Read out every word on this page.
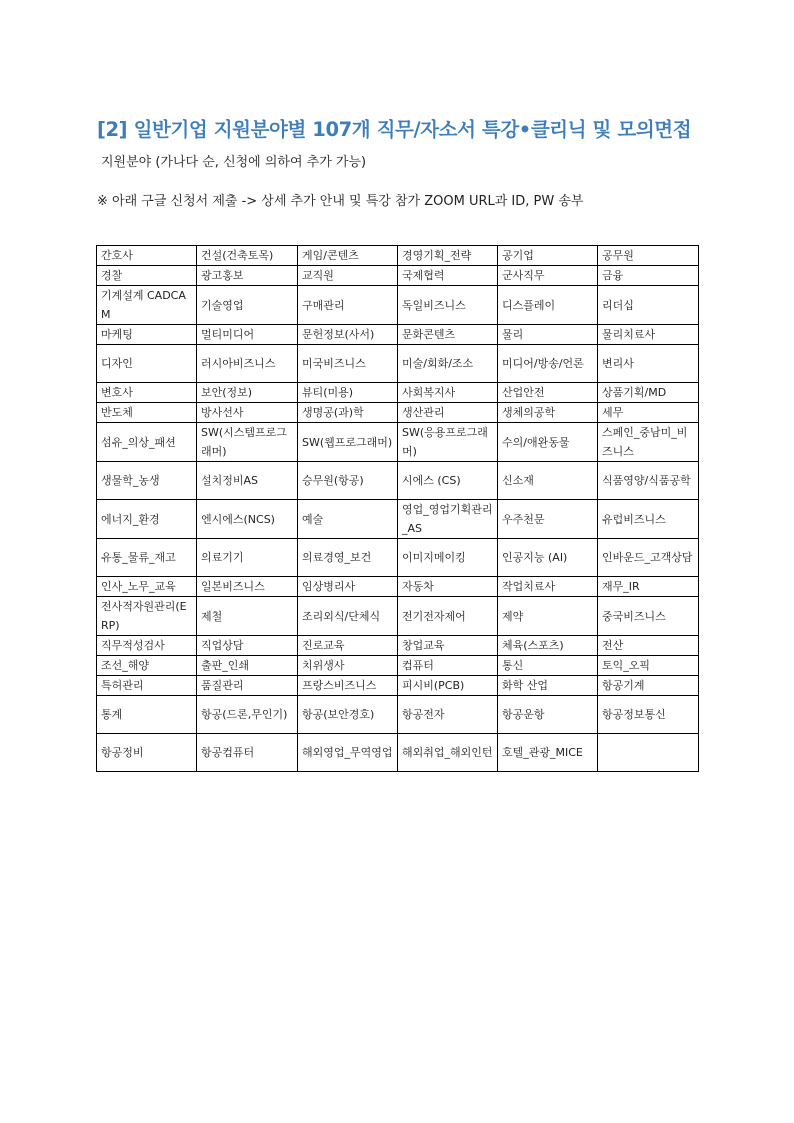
[2] 일반기업 지원분야별 107개 직무/자소서 특강•클리닉 및 모의면접
지원분야 (가나다 순, 신청에 의하여 추가 가능)
※ 아래 구글 신청서 제출 -> 상세 추가 안내 및 특강 참가 ZOOM URL과 ID, PW 송부
간호사	건설(건축토목)	게임/콘텐츠	경영기획_전략	공기업	공무원
경찰	광고홍보	교직원	국제협력	군사직무	금융
기계설계 CADCAM	기술영업	구매관리	독일비즈니스	디스플레이	리더십
마케팅	멀티미디어	문헌정보(사서)	문화콘텐츠	물리	물리치료사
디자인	러시아비즈니스	미국비즈니스	미술/회화/조소	미디어/방송/언론	변리사
변호사	보안(정보)	뷰티(미용)	사회복지사	산업안전	상품기획/MD
반도체	방사선사	생명공(과)학	생산관리	생체의공학	세무
섬유_의상_패션	SW(시스템프로그래머)	SW(웹프로그래머)	SW(응용프로그래머)	수의/애완동물	스페인_중남미_비즈니스
생물학_농생	설치정비AS	승무원(항공)	시에스 (CS)	신소재	식품영양/식품공학
에너지_환경	엔시에스(NCS)	예술	영업_영업기획관리_AS	우주천문	유럽비즈니스
유통_물류_재고	의료기기	의료경영_보건	이미지메이킹	인공지능 (AI)	인바운드_고객상담
인사_노무_교육	일본비즈니스	임상병리사	자동차	작업치료사	재무_IR
전사적자원관리(ERP)	제철	조리외식/단체식	전기전자제어	제약	중국비즈니스
직무적성검사	직업상담	진로교육	창업교육	체육(스포츠)	전산
조선_해양	출판_인쇄	치위생사	컴퓨터	통신	토익_오픽
특허관리	품질관리	프랑스비즈니스	피시비(PCB)	화학 산업	항공기계
통계	항공(드론,무인기)	항공(보안경호)	항공전자	항공운항	항공정보통신
항공정비	항공컴퓨터	해외영업_무역영업	해외취업_해외인턴	호텔_관광_MICE	
